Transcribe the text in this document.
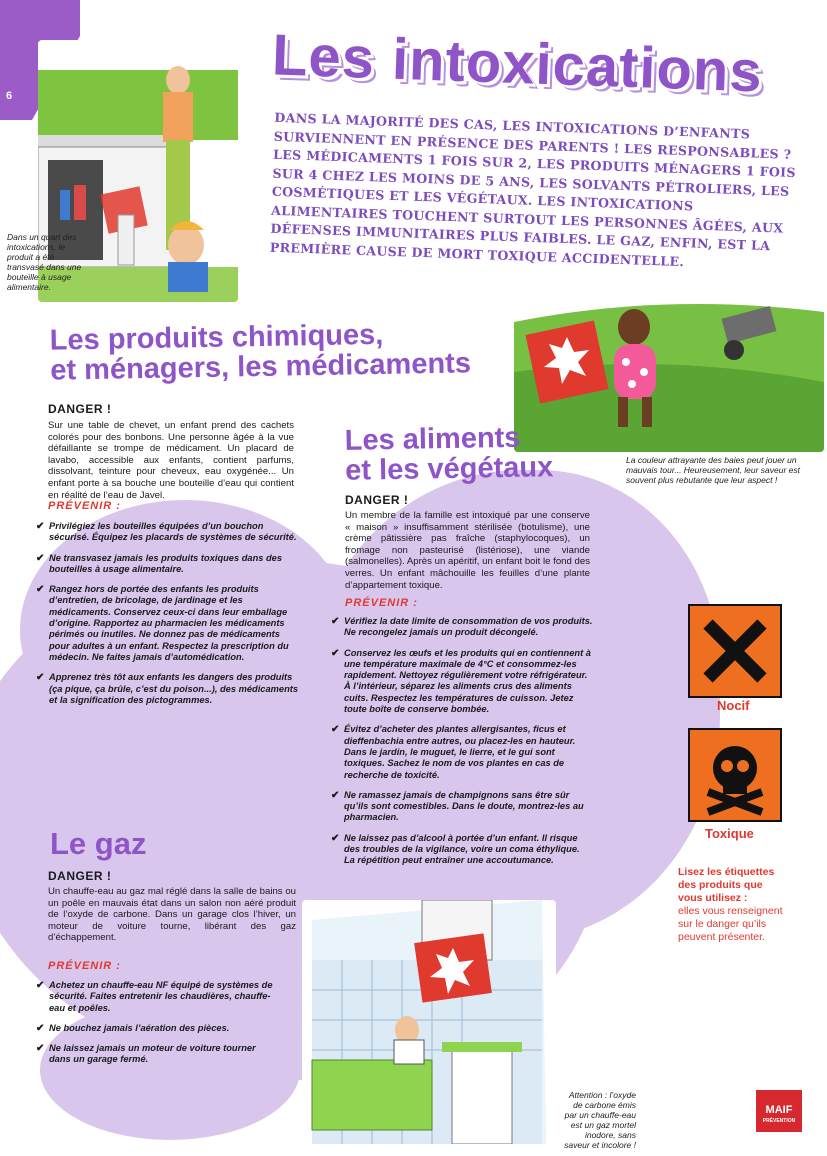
6
Dans un quart des intoxications, le produit a été transvasé dans une bouteille à usage alimentaire.
Les intoxications
DANS LA MAJORITÉ DES CAS, LES INTOXICATIONS D’ENFANTS SURVIENNENT EN PRÉSENCE DES PARENTS ! LES RESPONSABLES ? LES MÉDICAMENTS 1 FOIS SUR 2, LES PRODUITS MÉNAGERS 1 FOIS SUR 4 CHEZ LES MOINS DE 5 ANS, LES SOLVANTS PÉTROLIERS, LES COSMÉTIQUES ET LES VÉGÉTAUX. LES INTOXICATIONS ALIMENTAIRES TOUCHENT SURTOUT LES PERSONNES ÂGÉES, AUX DÉFENSES IMMUNITAIRES PLUS FAIBLES. LE GAZ, ENFIN, EST LA PREMIÈRE CAUSE DE MORT TOXIQUE ACCIDENTELLE.
La couleur attrayante des baies peut jouer un mauvais tour... Heureusement, leur saveur est souvent plus rebutante que leur aspect !
Les produits chimiques,
et ménagers, les médicaments
DANGER !
Sur une table de chevet, un enfant prend des cachets colorés pour des bonbons. Une personne âgée à la vue défaillante se trompe de médicament. Un placard de lavabo, accessible aux enfants, contient parfums, dissolvant, teinture pour cheveux, eau oxygénée... Un enfant porte à sa bouche une bouteille d’eau qui contient en réalité de l’eau de Javel.
PRÉVENIR :
✔ Privilégiez les bouteilles équipées d’un bouchon sécurisé. Équipez les placards de systèmes de sécurité.
✔ Ne transvasez jamais les produits toxiques dans des bouteilles à usage alimentaire.
✔ Rangez hors de portée des enfants les produits d’entretien, de bricolage, de jardinage et les médicaments. Conservez ceux-ci dans leur emballage d’origine. Rapportez au pharmacien les médicaments périmés ou inutiles. Ne donnez pas de médicaments pour adultes à un enfant. Respectez la prescription du médecin. Ne faites jamais d’automédication.
✔ Apprenez très tôt aux enfants les dangers des produits (ça pique, ça brûle, c’est du poison...), des médicaments et la signification des pictogrammes.
Les aliments
et les végétaux
DANGER !
Un membre de la famille est intoxiqué par une conserve « maison » insuffisamment stérilisée (botulisme), une crème pâtissière pas fraîche (staphylocoques), un fromage non pasteurisé (listériose), une viande (salmonelles). Après un apéritif, un enfant boit le fond des verres. Un enfant mâchouille les feuilles d’une plante d’appartement toxique.
PRÉVENIR :
✔ Vérifiez la date limite de consommation de vos produits. Ne recongelez jamais un produit décongelé.
✔ Conservez les œufs et les produits qui en contiennent à une température maximale de 4°C et consommez-les rapidement. Nettoyez régulièrement votre réfrigérateur. À l’intérieur, séparez les aliments crus des aliments cuits. Respectez les températures de cuisson. Jetez toute boîte de conserve bombée.
✔ Évitez d’acheter des plantes allergisantes, ficus et dieffenbachia entre autres, ou placez-les en hauteur. Dans le jardin, le muguet, le lierre, et le gui sont toxiques. Sachez le nom de vos plantes en cas de recherche de toxicité.
✔ Ne ramassez jamais de champignons sans être sûr qu’ils sont comestibles. Dans le doute, montrez-les au pharmacien.
✔ Ne laissez pas d’alcool à portée d’un enfant. Il risque des troubles de la vigilance, voire un coma éthylique. La répétition peut entraîner une accoutumance.
Nocif
Toxique
Lisez les étiquettes
des produits que
vous utilisez :
elles vous renseignent
sur le danger qu’ils
peuvent présenter.
Le gaz
DANGER !
Un chauffe-eau au gaz mal réglé dans la salle de bains ou un poêle en mauvais état dans un salon non aéré produit de l’oxyde de carbone. Dans un garage clos l’hiver, un moteur de voiture tourne, libérant des gaz d’échappement.
PRÉVENIR :
✔ Achetez un chauffe-eau NF équipé de systèmes de sécurité. Faites entretenir les chaudières, chauffe-eau et poêles.
✔ Ne bouchez jamais l’aération des pièces.
✔ Ne laissez jamais un moteur de voiture tourner dans un garage fermé.
Attention : l’oxyde de carbone émis par un chauffe-eau est un gaz mortel inodore, sans saveur et incolore !
MAIF
PRÉVENTION
